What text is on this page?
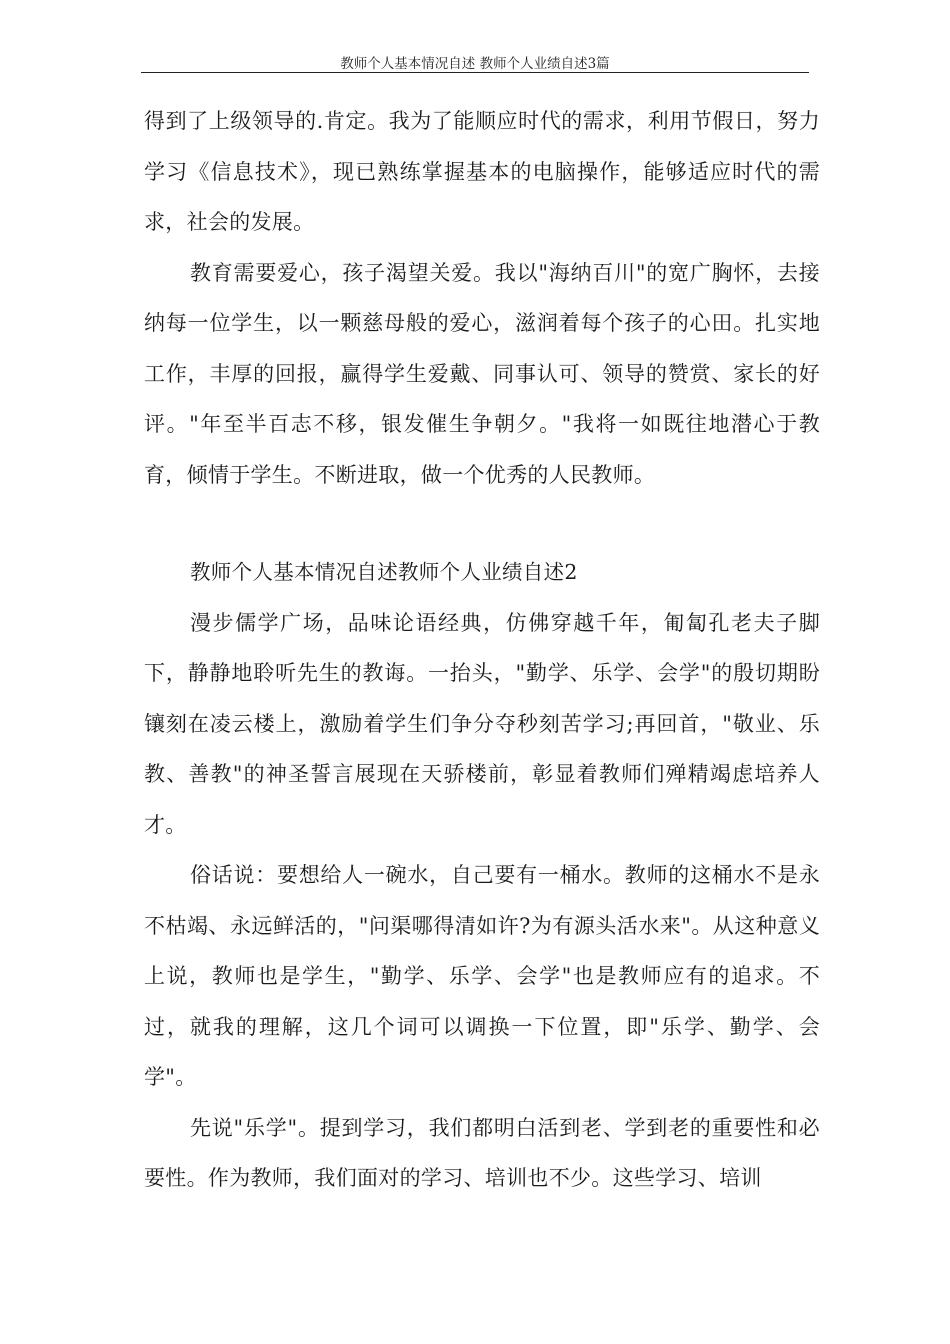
教师个人基本情况自述 教师个人业绩自述3篇

得到了上级领导的.肯定。我为了能顺应时代的需求，利用节假日，努力学习《信息技术》，现已熟练掌握基本的电脑操作，能够适应时代的需求，社会的发展。

教育需要爱心，孩子渴望关爱。我以"海纳百川"的宽广胸怀，去接纳每一位学生，以一颗慈母般的爱心，滋润着每个孩子的心田。扎实地工作，丰厚的回报，赢得学生爱戴、同事认可、领导的赞赏、家长的好评。"年至半百志不移，银发催生争朝夕。"我将一如既往地潜心于教育，倾情于学生。不断进取，做一个优秀的人民教师。

教师个人基本情况自述教师个人业绩自述2

漫步儒学广场，品味论语经典，仿佛穿越千年，匍匐孔老夫子脚下，静静地聆听先生的教诲。一抬头，"勤学、乐学、会学"的殷切期盼镶刻在凌云楼上，激励着学生们争分夺秒刻苦学习;再回首，"敬业、乐教、善教"的神圣誓言展现在天骄楼前，彰显着教师们殚精竭虑培养人才。

俗话说：要想给人一碗水，自己要有一桶水。教师的这桶水不是永不枯竭、永远鲜活的，"问渠哪得清如许?为有源头活水来"。从这种意义上说，教师也是学生，"勤学、乐学、会学"也是教师应有的追求。不过，就我的理解，这几个词可以调换一下位置，即"乐学、勤学、会学"。

先说"乐学"。提到学习，我们都明白活到老、学到老的重要性和必要性。作为教师，我们面对的学习、培训也不少。这些学习、培训
